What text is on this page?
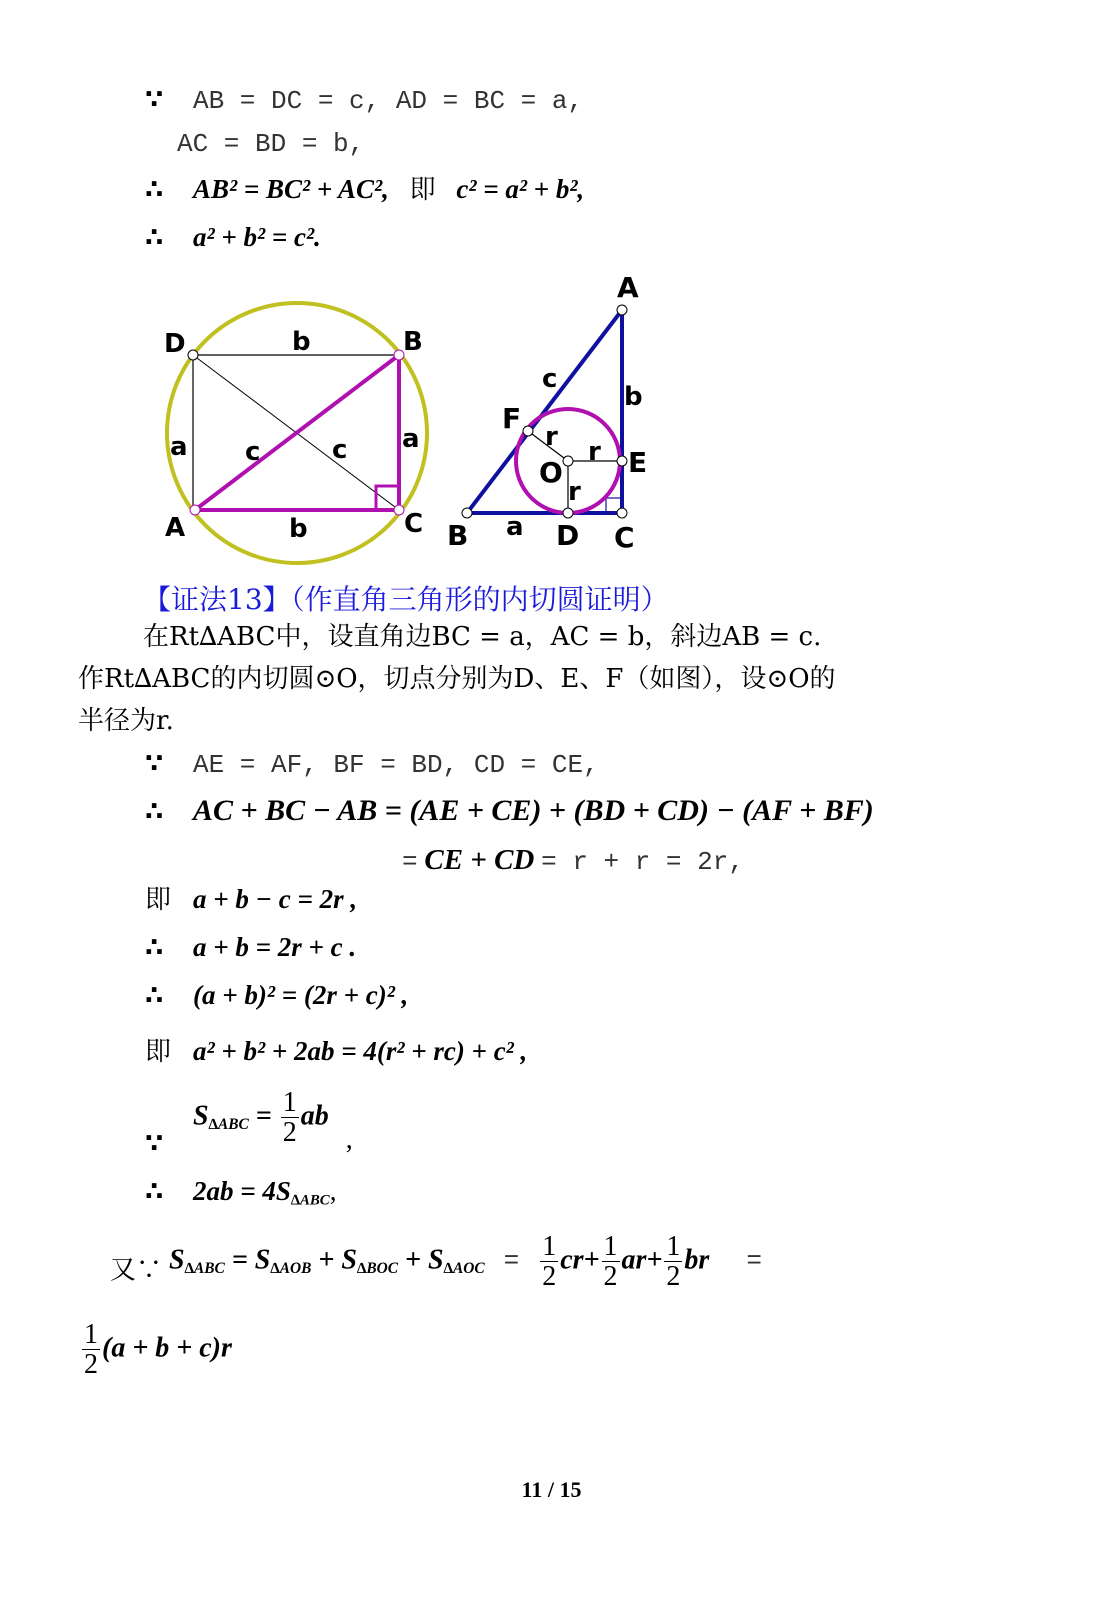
∵ AB = DC = c, AD = BC = a,
AC = BD = b,
∴ AB² = BC² + AC², 即 c² = a² + b²,
∴ a² + b² = c².
D	B
A	C
b
b
a	a
c	c
A
B	C
D
E
F
O
a
b
c
r r
r
【证法13】（作直角三角形的内切圆证明）
在Rt∆ABC中，设直角边BC = a，AC = b，斜边AB = c.
作Rt∆ABC的内切圆⊙O，切点分别为D、E、F（如图），设⊙O的
半径为r.
∵ AE = AF, BF = BD, CD = CE,
∴ AC + BC − AB = (AE + CE) + (BD + CD) − (AF + BF)
= CE + CD = r + r = 2r,
即 a + b − c = 2r ,
∴ a + b = 2r + c .
∴ (a + b)² = (2r + c)² ,
即 a² + b² + 2ab = 4(r² + rc) + c² ,
$\because S_{\Delta ABC} = \frac{1}{2}$ ab ,
∴ $2ab = 4S_{\Delta ABC}$,
又∵ $S_{\Delta ABC} = S_{\Delta AOB} + S_{\Delta BOC} + S_{\Delta AOC} = \frac{1}{2} cr+ \frac{1}{2} ar+ \frac{1}{2}$ br =
$\frac{1}{2} (a + b + c)r$
11 / 15
